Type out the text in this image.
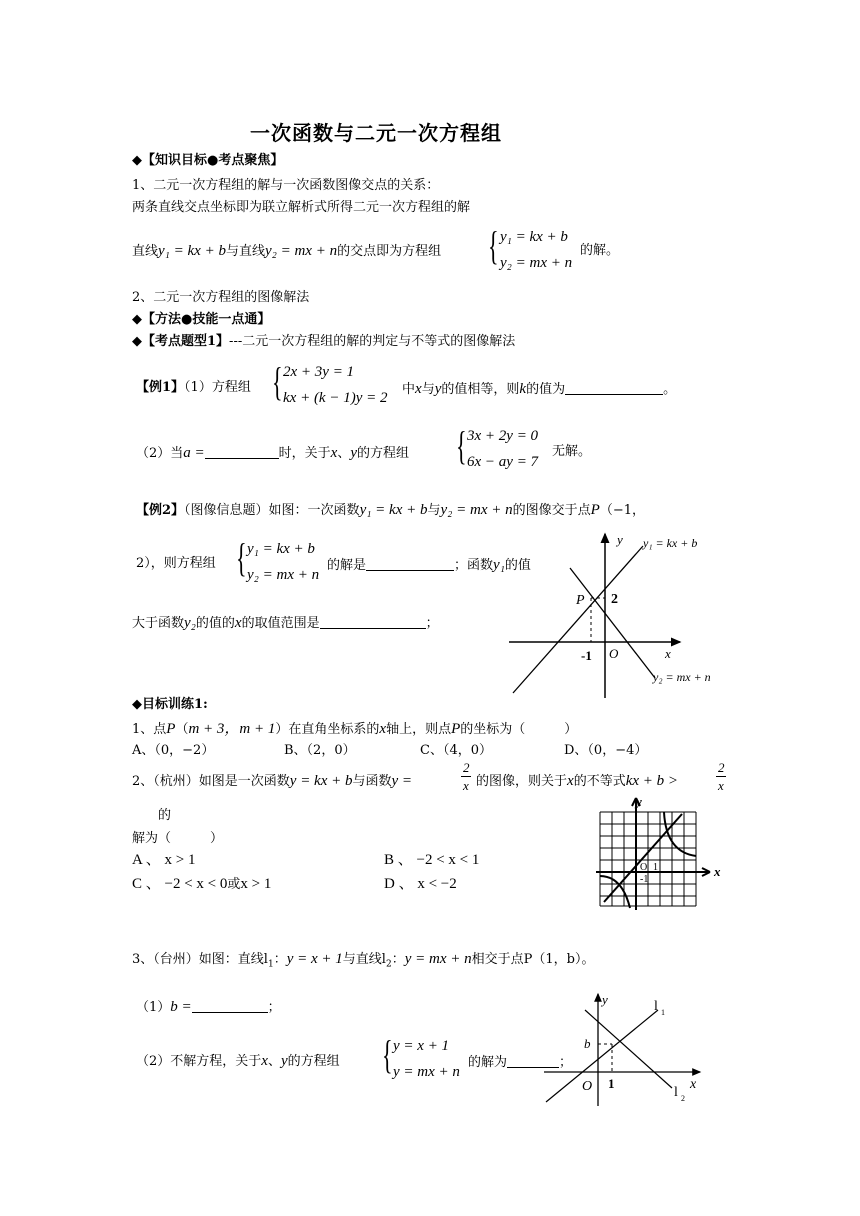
一次函数与二元一次方程组
◆【知识目标●考点聚焦】
1、二元一次方程组的解与一次函数图像交点的关系：
两条直线交点坐标即为联立解析式所得二元一次方程组的解
直线y₁ = kx + b与直线y₂ = mx + n的交点即为方程组 { y₁ = kx + b
y₂ = mx + n
的解。
2、二元一次方程组的图像解法
◆【方法●技能一点通】
◆【考点题型1】---二元一次方程组的解的判定与不等式的图像解法
【例1】（1）方程组 { 2x + 3y = 1
kx + (k − 1)y = 2
中x与y的值相等，则k的值为	。
（2）当a =	时，关于x、y的方程组 { 3x + 2y = 0
6x − ay = 7
无解。
【例2】（图像信息题）如图：一次函数y₁ = kx + b与y₂ = mx + n的图像交于点P（−1，
2），则方程组 { y₁ = kx + b
y₂ = mx + n
的解是	；函数y₁的值
大于函数y₂的值的x的取值范围是	；
y
x
O
P
-1
2
y₁ = kx + b
y₂ = mx + n
◆目标训练1:
1、点P（m + 3，m + 1）在直角坐标系的x轴上，则点P的坐标为（　　　）
A、（0，−2）	B、（2，0）	C、（4，0）	D、（0，−4）
2、（杭州）如图是一次函数y = kx + b与函数y =
2
x 的图像，则关于x的不等式kx + b >
2
x
的
解为（　　　）
A 、 x > 1	B 、 −2 < x < 1
C 、 −2 < x < 0或x > 1	D 、 x < −2
y
x
O 1
-1
3、（台州）如图：直线$l_1$：y = x + 1与直线$l_2$：y = mx + n相交于点P（1，b）。
（1）b =	；
（2）不解方程，关于x、y的方程组 { y = x + 1
y = mx + n
的解为	；
y
x
O 1
b
l 1
l 2
